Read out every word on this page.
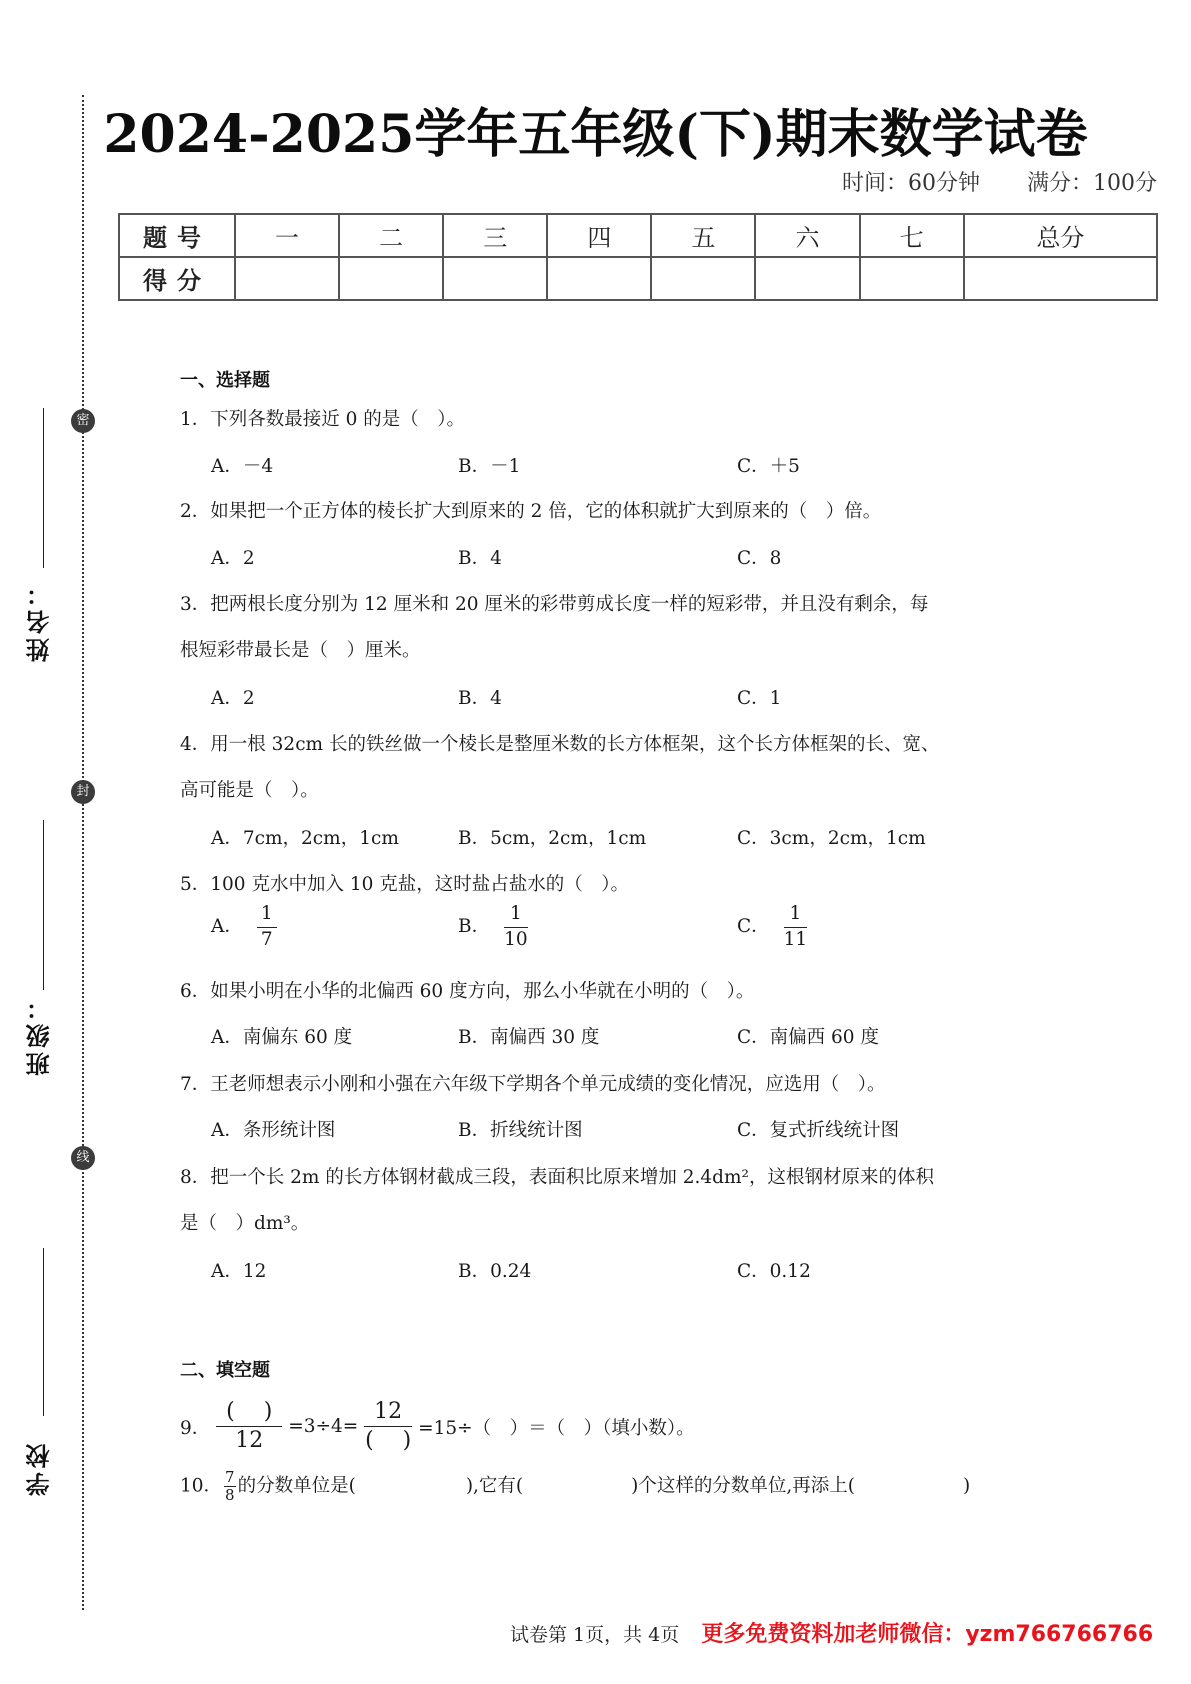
密
封
线
姓名：
班级：
学校
2024-2025学年五年级(下)期末数学试卷
时间：60分钟 满分：100分
题号	一	二	三	四	五	六	七	总分
得分								
一、选择题
1．下列各数最接近 0 的是（　）。
A．－4	B．－1	C．＋5
2．如果把一个正方体的棱长扩大到原来的 2 倍，它的体积就扩大到原来的（　）倍。
A．2	B．4	C．8
3．把两根长度分别为 12 厘米和 20 厘米的彩带剪成长度一样的短彩带，并且没有剩余，每
根短彩带最长是（　）厘米。
A．2	B．4	C．1
4．用一根 32cm 长的铁丝做一个棱长是整厘米数的长方体框架，这个长方体框架的长、宽、
高可能是（　）。
A．7cm，2cm，1cm	B．5cm，2cm，1cm	C．3cm，2cm，1cm
5．100 克水中加入 10 克盐，这时盐占盐水的（　）。
A． $\frac{1}{7}$	B． $\frac{1}{10}$	C． $\frac{1}{11}$
6．如果小明在小华的北偏西 60 度方向，那么小华就在小明的（　）。
A．南偏东 60 度	B．南偏西 30 度	C．南偏西 60 度
7．王老师想表示小刚和小强在六年级下学期各个单元成绩的变化情况，应选用（　）。
A．条形统计图	B．折线统计图	C．复式折线统计图
8．把一个长 2m 的长方体钢材截成三段，表面积比原来增加 2.4dm²，这根钢材原来的体积
是（　）dm³。
A．12	B．0.24	C．0.12
二、填空题
9． $\frac{( )}{12} =3\div 4= \frac{12}{( )} =15\div$（　）＝（　）（填小数）。
10． $\frac{7}{8}$ 的分数单位是(	),它有(	)个这样的分数单位,再添上(	)
试卷第 1页，共 4页 更多免费资料加老师微信：yzm766766766
